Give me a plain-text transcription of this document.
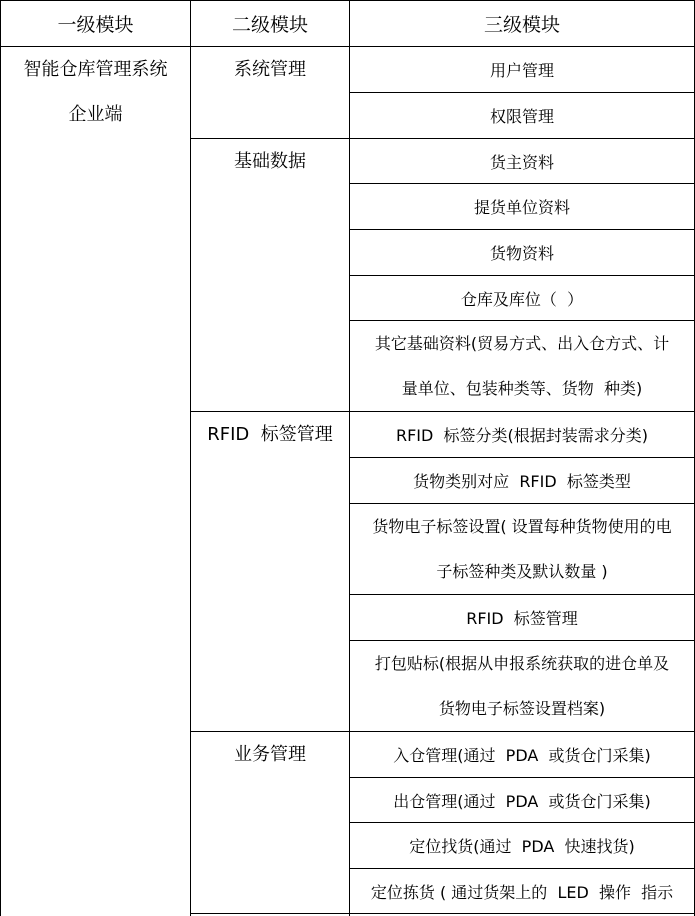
一级模块	二级模块	三级模块
智能仓库管理系统
企业端
系统管理
基础数据
RFID  标签管理
业务管理
用户管理
权限管理
货主资料
提货单位资料
货物资料
仓库及库位（  ）
其它基础资料(贸易方式、出入仓方式、计
量单位、包装种类等、货物  种类)
RFID  标签分类(根据封装需求分类)
货物类别对应  RFID  标签类型
货物电子标签设置( 设置每种货物使用的电
子标签种类及默认数量 )
RFID  标签管理
打包贴标(根据从申报系统获取的进仓单及
货物电子标签设置档案)
入仓管理(通过  PDA  或货仓门采集)
出仓管理(通过  PDA  或货仓门采集)
定位找货(通过  PDA  快速找货)
定位拣货 ( 通过货架上的  LED  操作  指示
